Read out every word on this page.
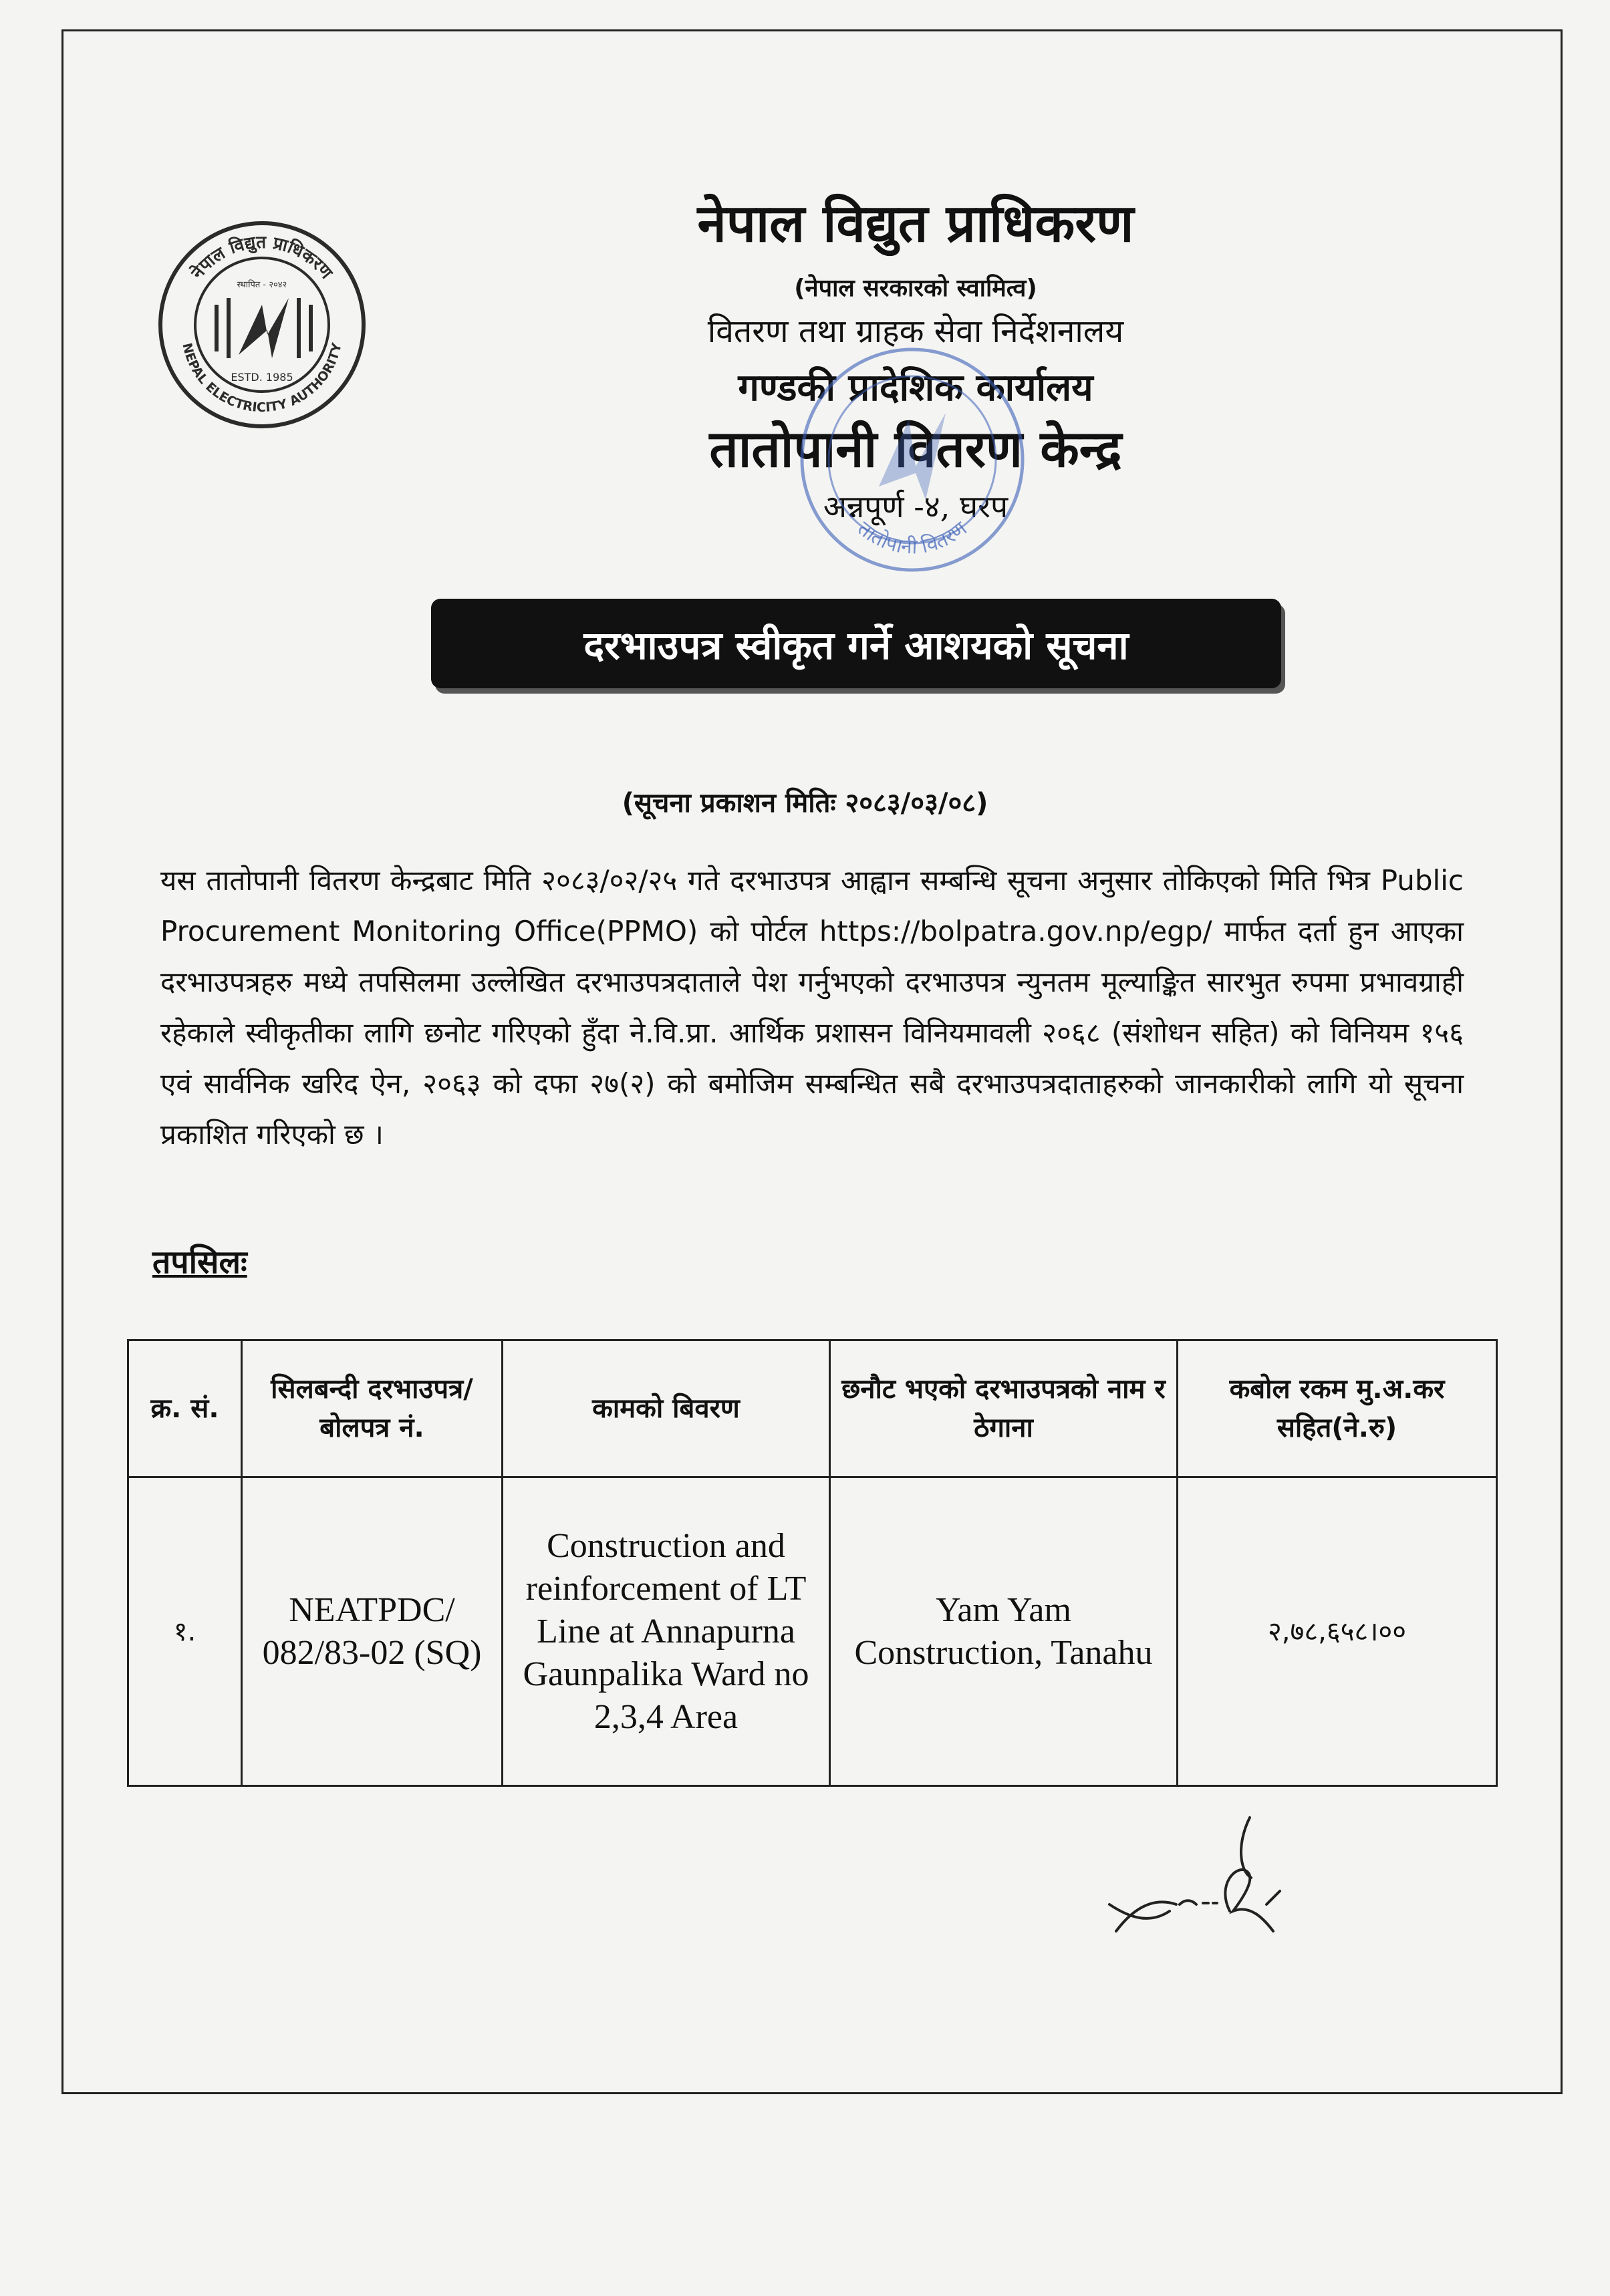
नेपाल विद्युत प्राधिकरण
NEPAL ELECTRICITY AUTHORITY
स्थापित - २०४२
ESTD. 1985
नेपाल विद्युत प्राधिकरण
(नेपाल सरकारको स्वामित्व)
वितरण तथा ग्राहक सेवा निर्देशनालय
गण्डकी प्रादेशिक कार्यालय
तातोपानी वितरण केन्द्र
अन्नपूर्ण -४, घरप
तातोपानी वितरण
दरभाउपत्र स्वीकृत गर्ने आशयको सूचना
(सूचना प्रकाशन मितिः २०८३/०३/०८)
यस तातोपानी वितरण केन्द्रबाट मिति २०८३/०२/२५ गते दरभाउपत्र आह्वान सम्बन्धि सूचना अनुसार तोकिएको मिति भित्र Public Procurement Monitoring Office(PPMO) को पोर्टल https://bolpatra.gov.np/egp/ मार्फत दर्ता हुन आएका दरभाउपत्रहरु मध्ये तपसिलमा उल्लेखित दरभाउपत्रदाताले पेश गर्नुभएको दरभाउपत्र न्युनतम मूल्याङ्कित सारभुत रुपमा प्रभावग्राही रहेकाले स्वीकृतीका लागि छनोट गरिएको हुँदा ने.वि.प्रा. आर्थिक प्रशासन विनियमावली २०६८ (संशोधन सहित) को विनियम १५६ एवं सार्वनिक खरिद ऐन, २०६३ को दफा २७(२) को बमोजिम सम्बन्धित सबै दरभाउपत्रदाताहरुको जानकारीको लागि यो सूचना प्रकाशित गरिएको छ ।
तपसिलः
क्र. सं.	सिलबन्दी दरभाउपत्र/ बोलपत्र नं.	कामको बिवरण	छनौट भएको दरभाउपत्रको नाम र ठेगाना	कबोल रकम मु.अ.कर सहित(ने.रु)
१.	NEATPDC/ 082/83-02 (SQ)	Construction and reinforcement of LT Line at Annapurna Gaunpalika Ward no 2,3,4 Area	Yam Yam Construction, Tanahu	२,७८,६५८।००
